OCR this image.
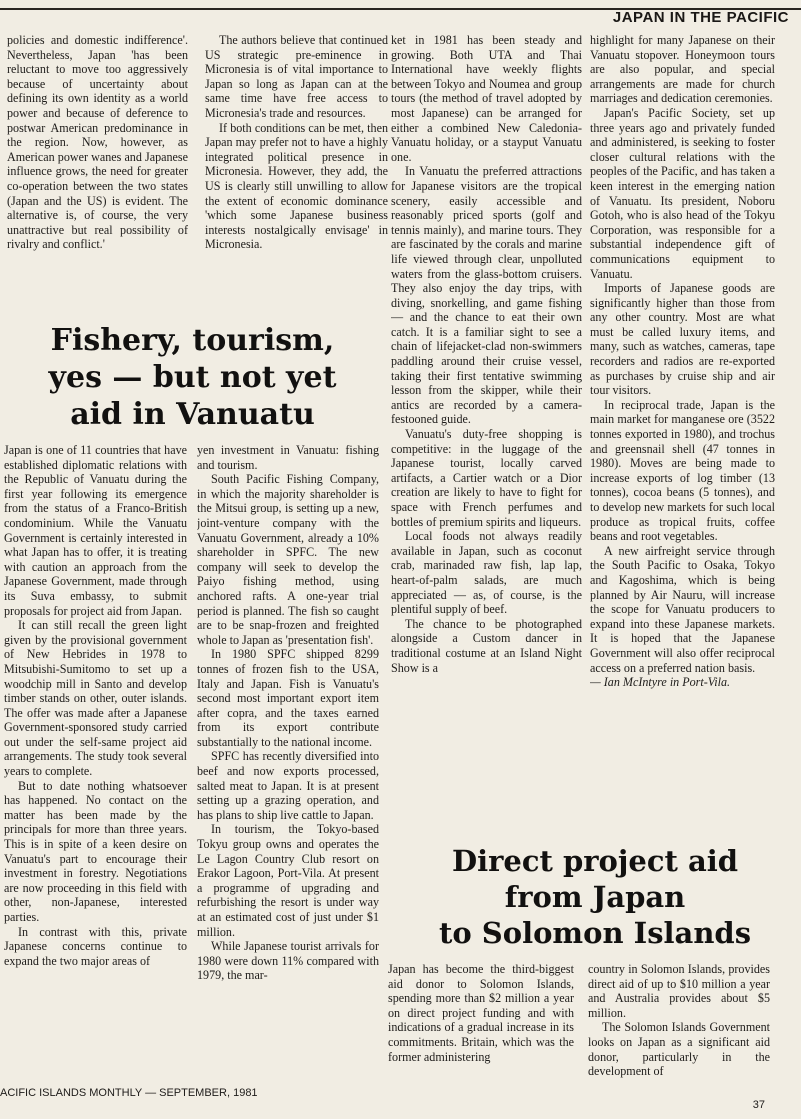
JAPAN IN THE PACIFIC

policies and domestic indifference'. Nevertheless, Japan 'has been reluctant to move too aggressively because of uncertainty about defining its own identity as a world power and because of deference to postwar American predominance in the region. Now, however, as American power wanes and Japanese influence grows, the need for greater co-operation between the two states (Japan and the US) is evident. The alternative is, of course, the very unattractive but real possibility of rivalry and conflict.'

The authors believe that continued US strategic pre-eminence in Micronesia is of vital importance to Japan so long as Japan can at the same time have free access to Micronesia's trade and resources.

If both conditions can be met, then Japan may prefer not to have a highly integrated political presence in Micronesia. However, they add, the US is clearly still unwilling to allow the extent of economic dominance 'which some Japanese business interests nostalgically envisage' in Micronesia.

Fishery, tourism,
yes — but not yet
aid in Vanuatu

Japan is one of 11 countries that have established diplomatic relations with the Republic of Vanuatu during the first year following its emergence from the status of a Franco-British condominium. While the Vanuatu Government is certainly interested in what Japan has to offer, it is treating with caution an approach from the Japanese Government, made through its Suva embassy, to submit proposals for project aid from Japan.

It can still recall the green light given by the provisional government of New Hebrides in 1978 to Mitsubishi-Sumitomo to set up a woodchip mill in Santo and develop timber stands on other, outer islands. The offer was made after a Japanese Government-sponsored study carried out under the self-same project aid arrangements. The study took several years to complete.

But to date nothing whatsoever has happened. No contact on the matter has been made by the principals for more than three years. This is in spite of a keen desire on Vanuatu's part to encourage their investment in forestry. Negotiations are now proceeding in this field with other, non-Japanese, interested parties.

In contrast with this, private Japanese concerns continue to expand the two major areas of

yen investment in Vanuatu: fishing and tourism.

South Pacific Fishing Company, in which the majority shareholder is the Mitsui group, is setting up a new, joint-venture company with the Vanuatu Government, already a 10% shareholder in SPFC. The new company will seek to develop the Paiyo fishing method, using anchored rafts. A one-year trial period is planned. The fish so caught are to be snap-frozen and freighted whole to Japan as 'presentation fish'.

In 1980 SPFC shipped 8299 tonnes of frozen fish to the USA, Italy and Japan. Fish is Vanuatu's second most important export item after copra, and the taxes earned from its export contribute substantially to the national income.

SPFC has recently diversified into beef and now exports processed, salted meat to Japan. It is at present setting up a grazing operation, and has plans to ship live cattle to Japan.

In tourism, the Tokyo-based Tokyu group owns and operates the Le Lagon Country Club resort on Erakor Lagoon, Port-Vila. At present a programme of upgrading and refurbishing the resort is under way at an estimated cost of just under $1 million.

While Japanese tourist arrivals for 1980 were down 11% compared with 1979, the mar-

ket in 1981 has been steady and growing. Both UTA and Thai International have weekly flights between Tokyo and Noumea and group tours (the method of travel adopted by most Japanese) can be arranged for either a combined New Caledonia-Vanuatu holiday, or a stayput Vanuatu one.

In Vanuatu the preferred attractions for Japanese visitors are the tropical scenery, easily accessible and reasonably priced sports (golf and tennis mainly), and marine tours. They are fascinated by the corals and marine life viewed through clear, unpolluted waters from the glass-bottom cruisers. They also enjoy the day trips, with diving, snorkelling, and game fishing — and the chance to eat their own catch. It is a familiar sight to see a chain of lifejacket-clad non-swimmers paddling around their cruise vessel, taking their first tentative swimming lesson from the skipper, while their antics are recorded by a camera-festooned guide.

Vanuatu's duty-free shopping is competitive: in the luggage of the Japanese tourist, locally carved artifacts, a Cartier watch or a Dior creation are likely to have to fight for space with French perfumes and bottles of premium spirits and liqueurs.

Local foods not always readily available in Japan, such as coconut crab, marinaded raw fish, lap lap, heart-of-palm salads, are much appreciated — as, of course, is the plentiful supply of beef.

The chance to be photographed alongside a Custom dancer in traditional costume at an Island Night Show is a

highlight for many Japanese on their Vanuatu stopover. Honeymoon tours are also popular, and special arrangements are made for church marriages and dedication ceremonies.

Japan's Pacific Society, set up three years ago and privately funded and administered, is seeking to foster closer cultural relations with the peoples of the Pacific, and has taken a keen interest in the emerging nation of Vanuatu. Its president, Noboru Gotoh, who is also head of the Tokyu Corporation, was responsible for a substantial independence gift of communications equipment to Vanuatu.

Imports of Japanese goods are significantly higher than those from any other country. Most are what must be called luxury items, and many, such as watches, cameras, tape recorders and radios are re-exported as purchases by cruise ship and air tour visitors.

In reciprocal trade, Japan is the main market for manganese ore (3522 tonnes exported in 1980), and trochus and greensnail shell (47 tonnes in 1980). Moves are being made to increase exports of log timber (13 tonnes), cocoa beans (5 tonnes), and to develop new markets for such local produce as tropical fruits, coffee beans and root vegetables.

A new airfreight service through the South Pacific to Osaka, Tokyo and Kagoshima, which is being planned by Air Nauru, will increase the scope for Vanuatu producers to expand into these Japanese markets. It is hoped that the Japanese Government will also offer reciprocal access on a preferred nation basis.

— Ian McIntyre in Port-Vila.

Direct project aid
from Japan
to Solomon Islands

Japan has become the third-biggest aid donor to Solomon Islands, spending more than $2 million a year on direct project funding and with indications of a gradual increase in its commitments. Britain, which was the former administering

country in Solomon Islands, provides direct aid of up to $10 million a year and Australia provides about $5 million.

The Solomon Islands Government looks on Japan as a significant aid donor, particularly in the development of

ACIFIC ISLANDS MONTHLY — SEPTEMBER, 1981
37
